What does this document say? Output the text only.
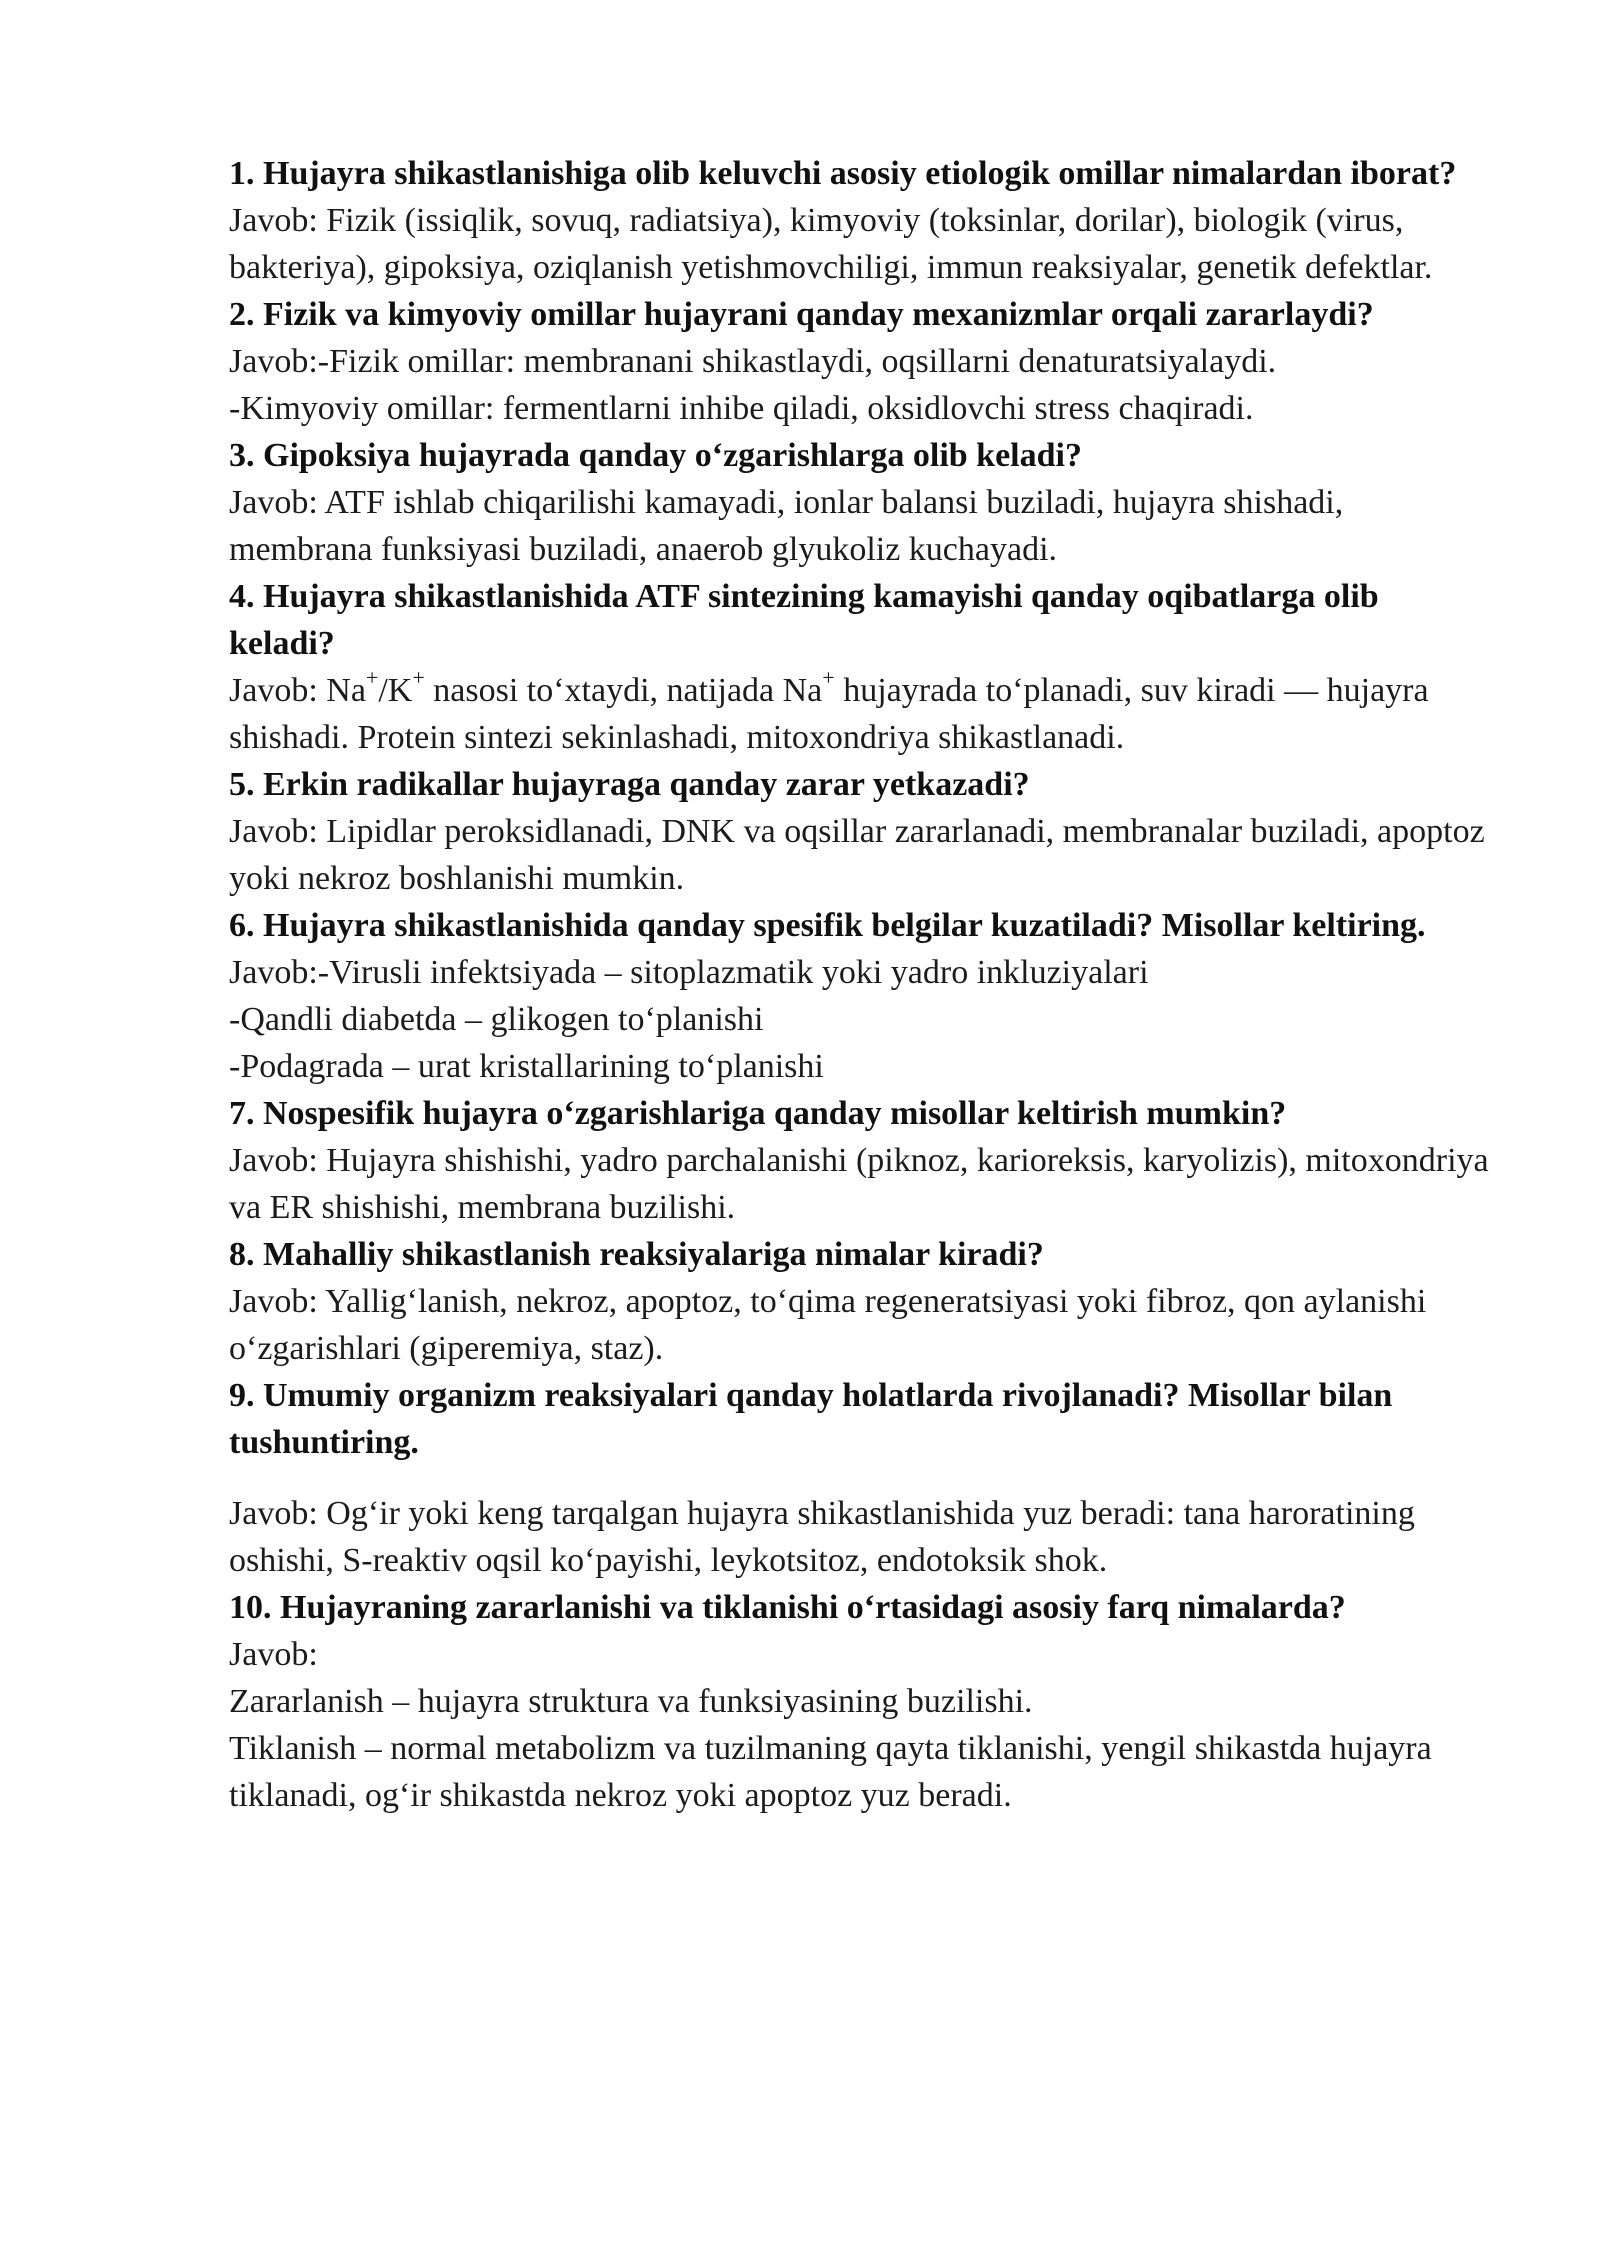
1. Hujayra shikastlanishiga olib keluvchi asosiy etiologik omillar nimalardan iborat?
Javob: Fizik (issiqlik, sovuq, radiatsiya), kimyoviy (toksinlar, dorilar), biologik (virus, bakteriya), gipoksiya, oziqlanish yetishmovchiligi, immun reaksiyalar, genetik defektlar.
2. Fizik va kimyoviy omillar hujayrani qanday mexanizmlar orqali zararlaydi?
Javob:-Fizik omillar: membranani shikastlaydi, oqsillarni denaturatsiyalaydi.
-Kimyoviy omillar: fermentlarni inhibe qiladi, oksidlovchi stress chaqiradi.
3. Gipoksiya hujayrada qanday o‘zgarishlarga olib keladi?
Javob: ATF ishlab chiqarilishi kamayadi, ionlar balansi buziladi, hujayra shishadi, membrana funksiyasi buziladi, anaerob glyukoliz kuchayadi.
4. Hujayra shikastlanishida ATF sintezining kamayishi qanday oqibatlarga olib keladi?
Javob: Na+/K+ nasosi to‘xtaydi, natijada Na+ hujayrada to‘planadi, suv kiradi — hujayra shishadi. Protein sintezi sekinlashadi, mitoxondriya shikastlanadi.
5. Erkin radikallar hujayraga qanday zarar yetkazadi?
Javob: Lipidlar peroksidlanadi, DNK va oqsillar zararlanadi, membranalar buziladi, apoptoz yoki nekroz boshlanishi mumkin.
6. Hujayra shikastlanishida qanday spesifik belgilar kuzatiladi? Misollar keltiring.
Javob:-Virusli infektsiyada – sitoplazmatik yoki yadro inkluziyalari
-Qandli diabetda – glikogen to‘planishi
-Podagrada – urat kristallarining to‘planishi
7. Nospesifik hujayra o‘zgarishlariga qanday misollar keltirish mumkin?
Javob: Hujayra shishishi, yadro parchalanishi (piknoz, karioreksis, karyolizis), mitoxondriya va ER shishishi, membrana buzilishi.
8. Mahalliy shikastlanish reaksiyalariga nimalar kiradi?
Javob: Yallig‘lanish, nekroz, apoptoz, to‘qima regeneratsiyasi yoki fibroz, qon aylanishi o‘zgarishlari (giperemiya, staz).
9. Umumiy organizm reaksiyalari qanday holatlarda rivojlanadi? Misollar bilan tushuntiring.
Javob: Og‘ir yoki keng tarqalgan hujayra shikastlanishida yuz beradi: tana haroratining oshishi, S-reaktiv oqsil ko‘payishi, leykotsitoz, endotoksik shok.
10. Hujayraning zararlanishi va tiklanishi o‘rtasidagi asosiy farq nimalarda?
Javob:
Zararlanish – hujayra struktura va funksiyasining buzilishi.
Tiklanish – normal metabolizm va tuzilmaning qayta tiklanishi, yengil shikastda hujayra tiklanadi, og‘ir shikastda nekroz yoki apoptoz yuz beradi.
